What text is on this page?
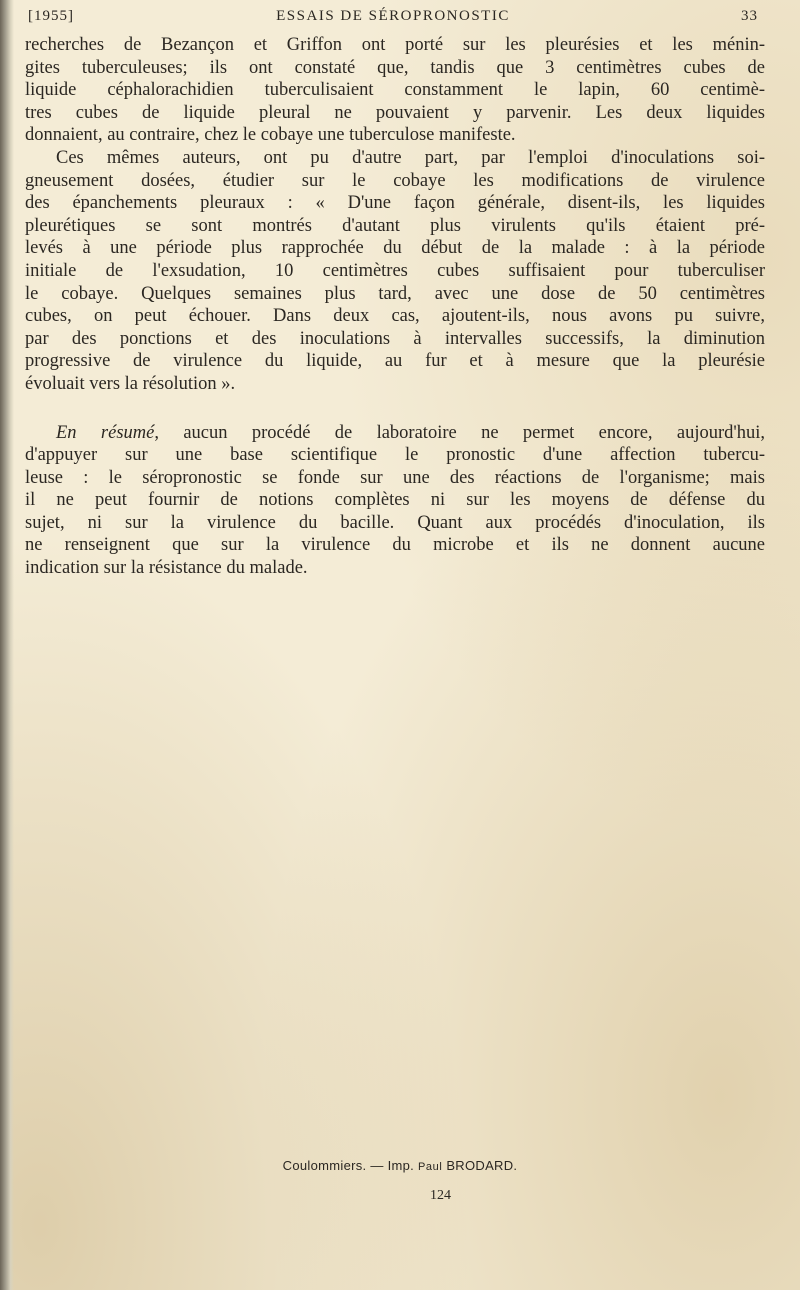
[1955]	ESSAIS DE SÉROPRONOSTIC	33

recherches de Bezançon et Griffon ont porté sur les pleurésies et les ménin-
gites tuberculeuses; ils ont constaté que, tandis que 3 centimètres cubes de
liquide céphalorachidien tuberculisaient constamment le lapin, 60 centimè-
tres cubes de liquide pleural ne pouvaient y parvenir. Les deux liquides
donnaient, au contraire, chez le cobaye une tuberculose manifeste.

Ces mêmes auteurs, ont pu d'autre part, par l'emploi d'inoculations soi-
gneusement dosées, étudier sur le cobaye les modifications de virulence
des épanchements pleuraux : « D'une façon générale, disent-ils, les liquides
pleurétiques se sont montrés d'autant plus virulents qu'ils étaient pré-
levés à une période plus rapprochée du début de la malade : à la période
initiale de l'exsudation, 10 centimètres cubes suffisaient pour tuberculiser
le cobaye. Quelques semaines plus tard, avec une dose de 50 centimètres
cubes, on peut échouer. Dans deux cas, ajoutent-ils, nous avons pu suivre,
par des ponctions et des inoculations à intervalles successifs, la diminution
progressive de virulence du liquide, au fur et à mesure que la pleurésie
évoluait vers la résolution ».

En résumé, aucun procédé de laboratoire ne permet encore, aujourd'hui,
d'appuyer sur une base scientifique le pronostic d'une affection tubercu-
leuse : le séropronostic se fonde sur une des réactions de l'organisme; mais
il ne peut fournir de notions complètes ni sur les moyens de défense du
sujet, ni sur la virulence du bacille. Quant aux procédés d'inoculation, ils
ne renseignent que sur la virulence du microbe et ils ne donnent aucune
indication sur la résistance du malade.

Coulommiers. — Imp. Paul BRODARD.
124
